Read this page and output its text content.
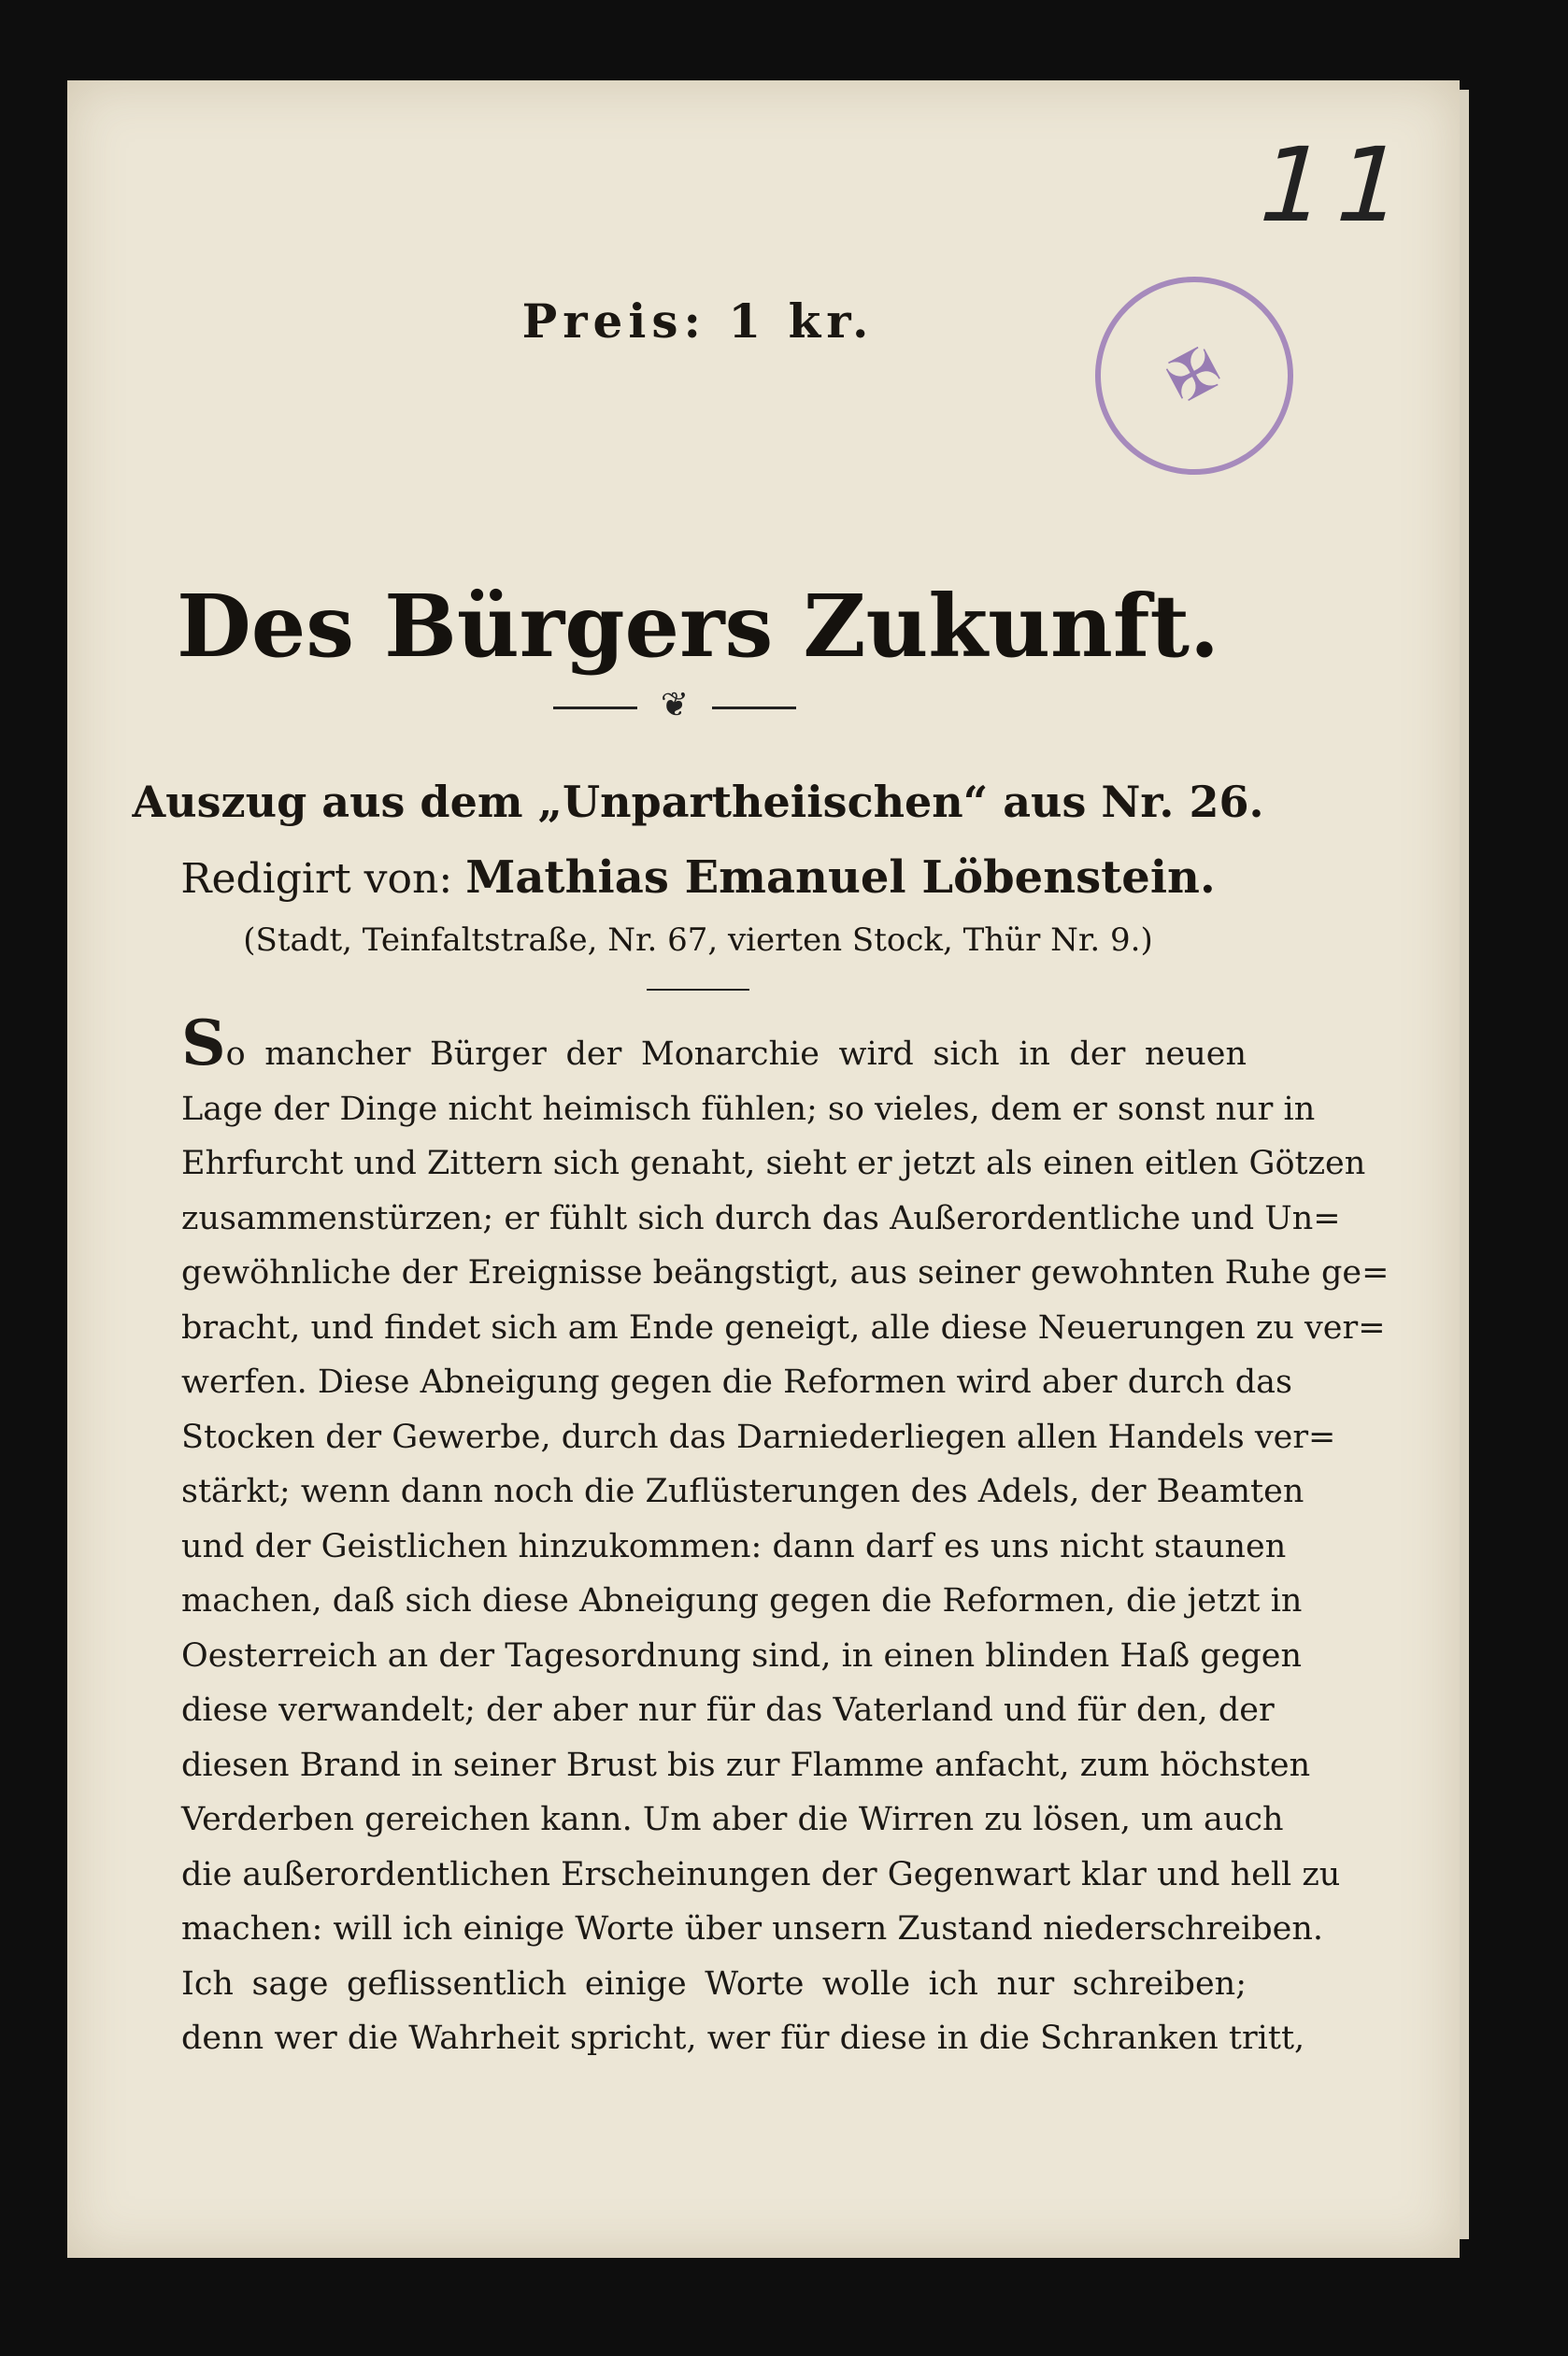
11
✠
Preis: 1 kr.
Des Bürgers Zukunft.
❦
Auszug aus dem „Unpartheiischen“ aus Nr. 26.
Redigirt von: Mathias Emanuel Löbenstein.
(Stadt, Teinfaltstraße, Nr. 67, vierten Stock, Thür Nr. 9.)
So mancher Bürger der Monarchie wird sich in der neuen
Lage der Dinge nicht heimisch fühlen; so vieles, dem er sonst nur in
Ehrfurcht und Zittern sich genaht, sieht er jetzt als einen eitlen Götzen
zusammenstürzen; er fühlt sich durch das Außerordentliche und Un=
gewöhnliche der Ereignisse beängstigt, aus seiner gewohnten Ruhe ge=
bracht, und findet sich am Ende geneigt, alle diese Neuerungen zu ver=
werfen. Diese Abneigung gegen die Reformen wird aber durch das
Stocken der Gewerbe, durch das Darniederliegen allen Handels ver=
stärkt; wenn dann noch die Zuflüsterungen des Adels, der Beamten
und der Geistlichen hinzukommen: dann darf es uns nicht staunen
machen, daß sich diese Abneigung gegen die Reformen, die jetzt in
Oesterreich an der Tagesordnung sind, in einen blinden Haß gegen
diese verwandelt; der aber nur für das Vaterland und für den, der
diesen Brand in seiner Brust bis zur Flamme anfacht, zum höchsten
Verderben gereichen kann. Um aber die Wirren zu lösen, um auch
die außerordentlichen Erscheinungen der Gegenwart klar und hell zu
machen: will ich einige Worte über unsern Zustand niederschreiben.
Ich sage geflissentlich einige Worte wolle ich nur schreiben;
denn wer die Wahrheit spricht, wer für diese in die Schranken tritt,
